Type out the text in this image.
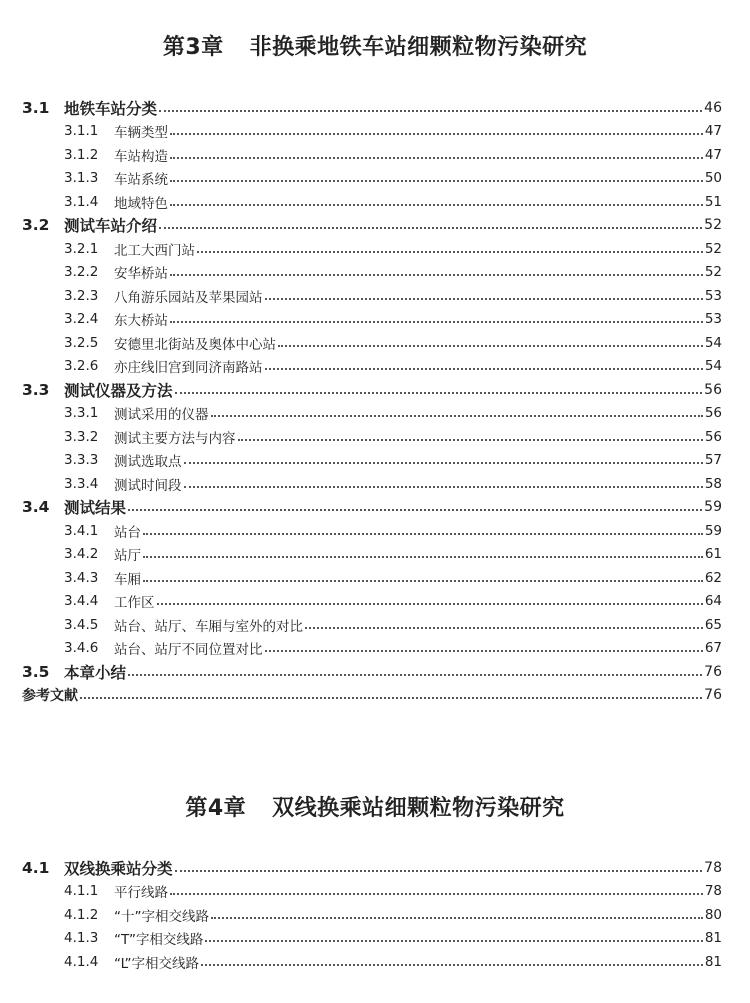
第3章 非换乘地铁车站细颗粒物污染研究
3.1 地铁车站分类	46
3.1.1	车辆类型	47
3.1.2	车站构造	47
3.1.3	车站系统	50
3.1.4	地域特色	51
3.2 测试车站介绍	52
3.2.1	北工大西门站	52
3.2.2	安华桥站	52
3.2.3	八角游乐园站及苹果园站	53
3.2.4	东大桥站	53
3.2.5	安德里北街站及奥体中心站	54
3.2.6	亦庄线旧宫到同济南路站	54
3.3 测试仪器及方法	56
3.3.1	测试采用的仪器	56
3.3.2	测试主要方法与内容	56
3.3.3	测试选取点	57
3.3.4	测试时间段	58
3.4 测试结果	59
3.4.1	站台	59
3.4.2	站厅	61
3.4.3	车厢	62
3.4.4	工作区	64
3.4.5	站台、站厅、车厢与室外的对比	65
3.4.6	站台、站厅不同位置对比	67
3.5 本章小结	76
参考文献	76
第4章 双线换乘站细颗粒物污染研究
4.1 双线换乘站分类	78
4.1.1	平行线路	78
4.1.2	“十”字相交线路	80
4.1.3	“T”字相交线路	81
4.1.4	“L”字相交线路	81
